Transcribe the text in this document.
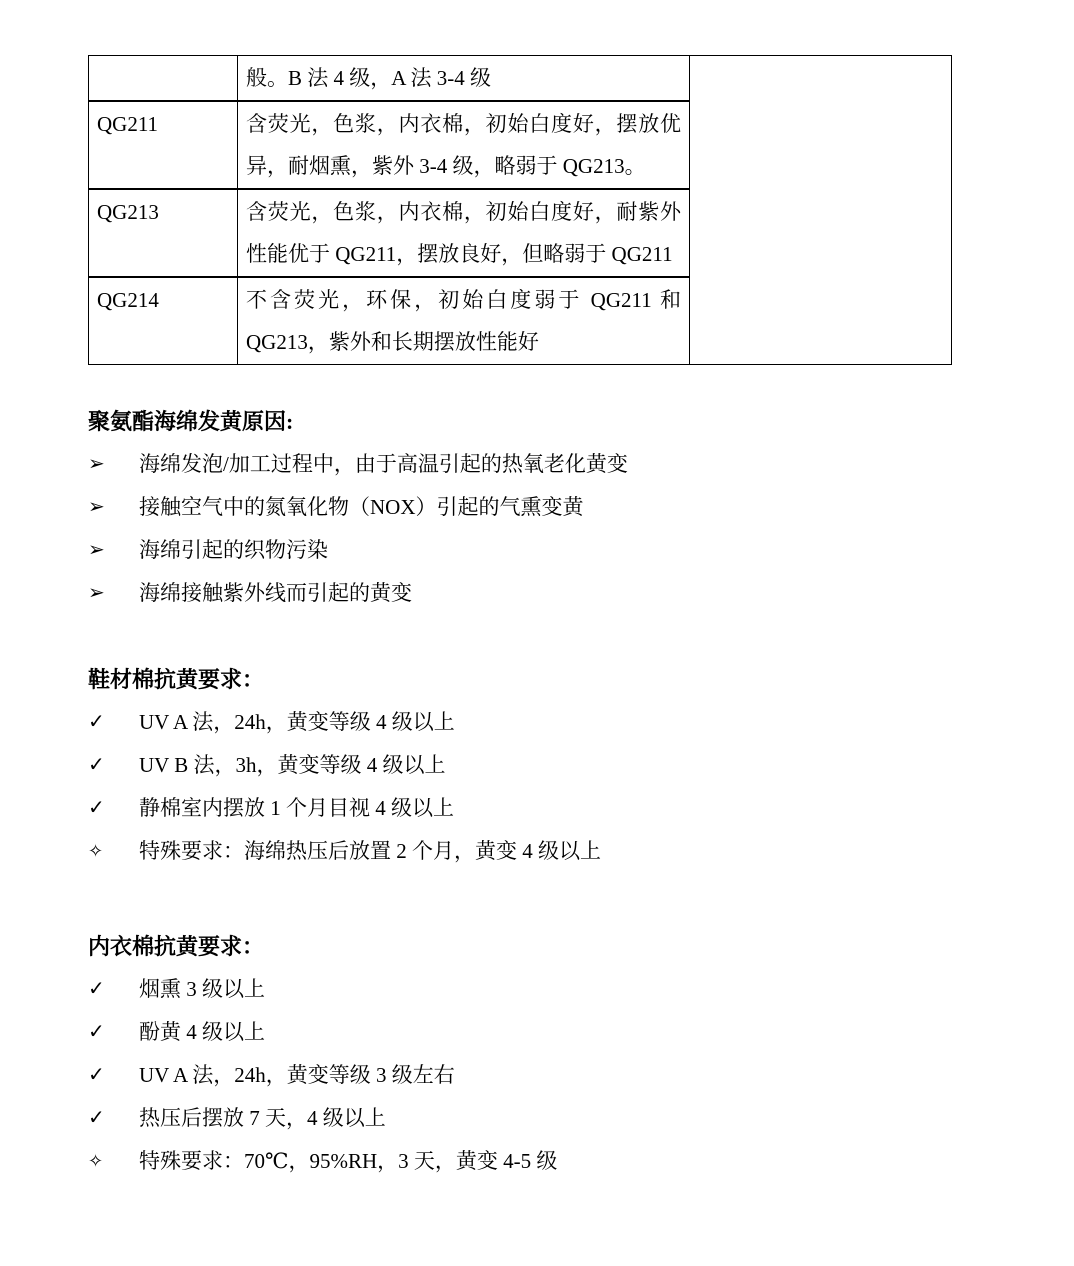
	般。B 法 4 级，A 法 3-4 级	
QG211	含荧光，色浆，内衣棉，初始白度好，摆放优异，耐烟熏，紫外 3-4 级，略弱于 QG213。	
QG213	含荧光，色浆，内衣棉，初始白度好，耐紫外性能优于 QG211，摆放良好，但略弱于 QG211	
QG214	不含荧光，环保，初始白度弱于 QG211 和 QG213，紫外和长期摆放性能好	
聚氨酯海绵发黄原因:
➢	海绵发泡/加工过程中，由于高温引起的热氧老化黄变
➢	接触空气中的氮氧化物（NOX）引起的气熏变黄
➢	海绵引起的织物污染
➢	海绵接触紫外线而引起的黄变
鞋材棉抗黄要求：
✓	UV A 法，24h，黄变等级 4 级以上
✓	UV B 法，3h，黄变等级 4 级以上
✓	静棉室内摆放 1 个月目视 4 级以上
✧	特殊要求：海绵热压后放置 2 个月，黄变 4 级以上
内衣棉抗黄要求：
✓	烟熏 3 级以上
✓	酚黄 4 级以上
✓	UV A 法，24h，黄变等级 3 级左右
✓	热压后摆放 7 天，4 级以上
✧	特殊要求：70℃，95%RH，3 天，黄变 4-5 级
